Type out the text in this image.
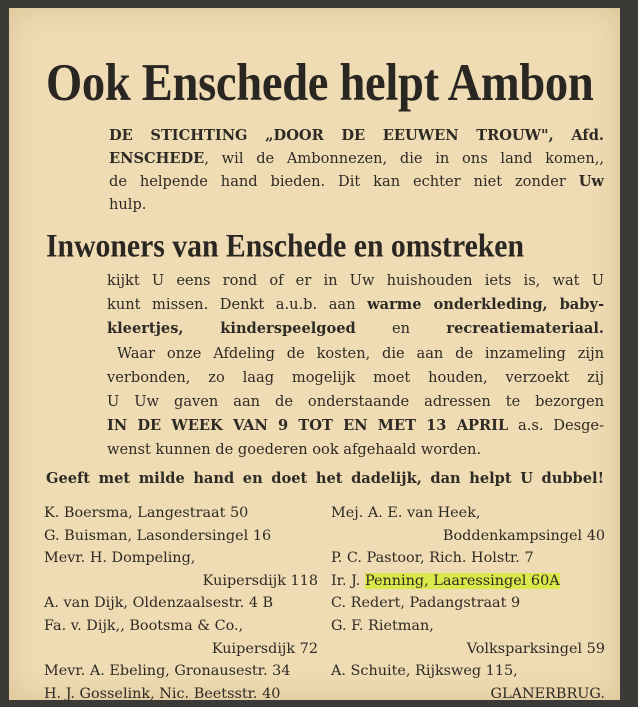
Ook Enschede helpt Ambon
DE STICHTING „DOOR DE EEUWEN TROUW", Afd.
ENSCHEDE, wil de Ambonnezen, die in ons land komen,,
de helpende hand bieden. Dit kan echter niet zonder Uw
hulp.
Inwoners van Enschede en omstreken
kijkt U eens rond of er in Uw huishouden iets is, wat U
kunt missen. Denkt a.u.b. aan warme onderkleding, baby-
kleertjes, kinderspeelgoed en recreatiemateriaal.
Waar onze Afdeling de kosten, die aan de inzameling zijn
verbonden, zo laag mogelijk moet houden, verzoekt zij
U Uw gaven aan de onderstaande adressen te bezorgen
IN DE WEEK VAN 9 TOT EN MET 13 APRIL a.s. Desge-
wenst kunnen de goederen ook afgehaald worden.
Geeft met milde hand en doet het dadelijk, dan helpt U dubbel!
K. Boersma, Langestraat 50
G. Buisman, Lasondersingel 16
Mevr. H. Dompeling,
Kuipersdijk 118
A. van Dijk, Oldenzaalsestr. 4 B
Fa. v. Dijk,, Bootsma & Co.,
Kuipersdijk 72
Mevr. A. Ebeling, Gronausestr. 34
H. J. Gosselink, Nic. Beetsstr. 40
Mej. A. E. van Heek,
Boddenkampsingel 40
P. C. Pastoor, Rich. Holstr. 7
Ir. J. Penning, Laaressingel 60A
C. Redert, Padangstraat 9
G. F. Rietman,
Volksparksingel 59
A. Schuite, Rijksweg 115,
GLANERBRUG.
